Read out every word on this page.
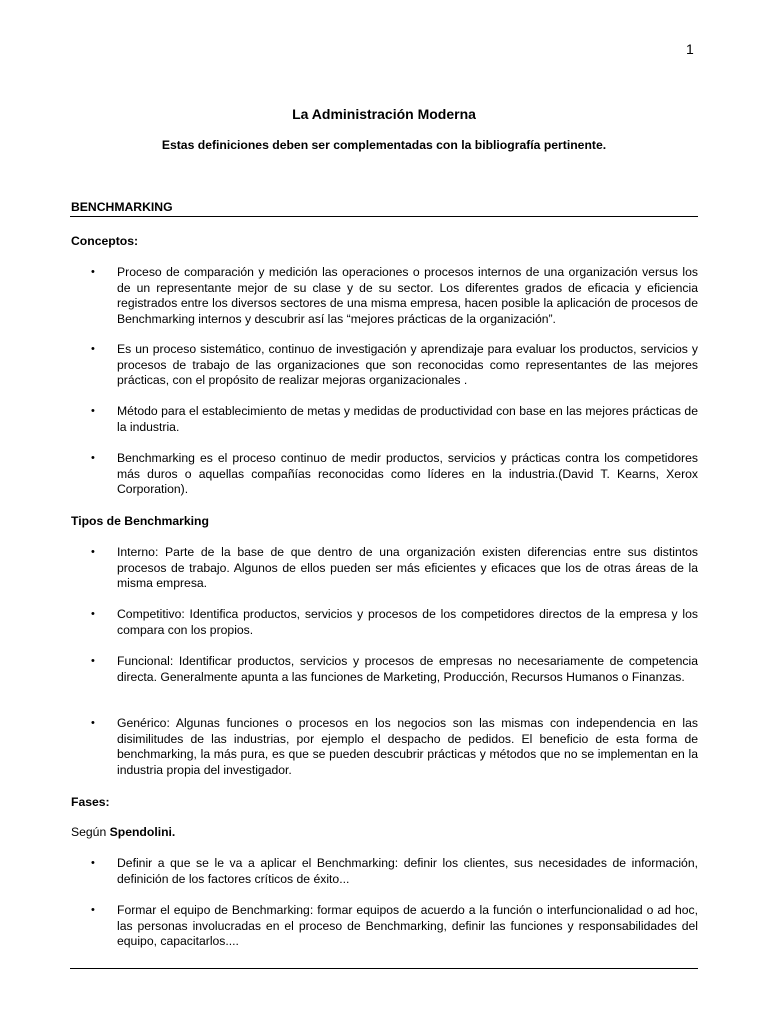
1
La Administración Moderna
Estas definiciones deben ser complementadas con la bibliografía pertinente.
BENCHMARKING
Conceptos:
• Proceso de comparación y medición las operaciones o procesos internos de una organización versus los de un representante mejor de su clase y de su sector. Los diferentes grados de eficacia y eficiencia registrados entre los diversos sectores de una misma empresa, hacen posible la aplicación de procesos de Benchmarking internos y descubrir así las “mejores prácticas de la organización”.
• Es un proceso sistemático, continuo de investigación y aprendizaje para evaluar los productos, servicios y procesos de trabajo de las organizaciones que son reconocidas como representantes de las mejores prácticas, con el propósito de realizar mejoras organizacionales .
• Método para el establecimiento de metas y medidas de productividad con base en las mejores prácticas de la industria.
• Benchmarking es el proceso continuo de medir productos, servicios y prácticas contra los competidores más duros o aquellas compañías reconocidas como líderes en la industria.(David T. Kearns, Xerox Corporation).
Tipos de Benchmarking
• Interno: Parte de la base de que dentro de una organización existen diferencias entre sus distintos procesos de trabajo. Algunos de ellos pueden ser más eficientes y eficaces que los de otras áreas de la misma empresa.
• Competitivo: Identifica productos, servicios y procesos de los competidores directos de la empresa y los compara con los propios.
• Funcional: Identificar productos, servicios y procesos de empresas no necesariamente de competencia directa. Generalmente apunta a las funciones de Marketing, Producción, Recursos Humanos o Finanzas.
• Genérico: Algunas funciones o procesos en los negocios son las mismas con independencia en las disimilitudes de las industrias, por ejemplo el despacho de pedidos. El beneficio de esta forma de benchmarking, la más pura, es que se pueden descubrir prácticas y métodos que no se implementan en la industria propia del investigador.
Fases:
Según Spendolini.
• Definir a que se le va a aplicar el Benchmarking: definir los clientes, sus necesidades de información, definición de los factores críticos de éxito...
• Formar el equipo de Benchmarking: formar equipos de acuerdo a la función o interfuncionalidad o ad hoc, las personas involucradas en el proceso de Benchmarking, definir las funciones y responsabilidades del equipo, capacitarlos....
